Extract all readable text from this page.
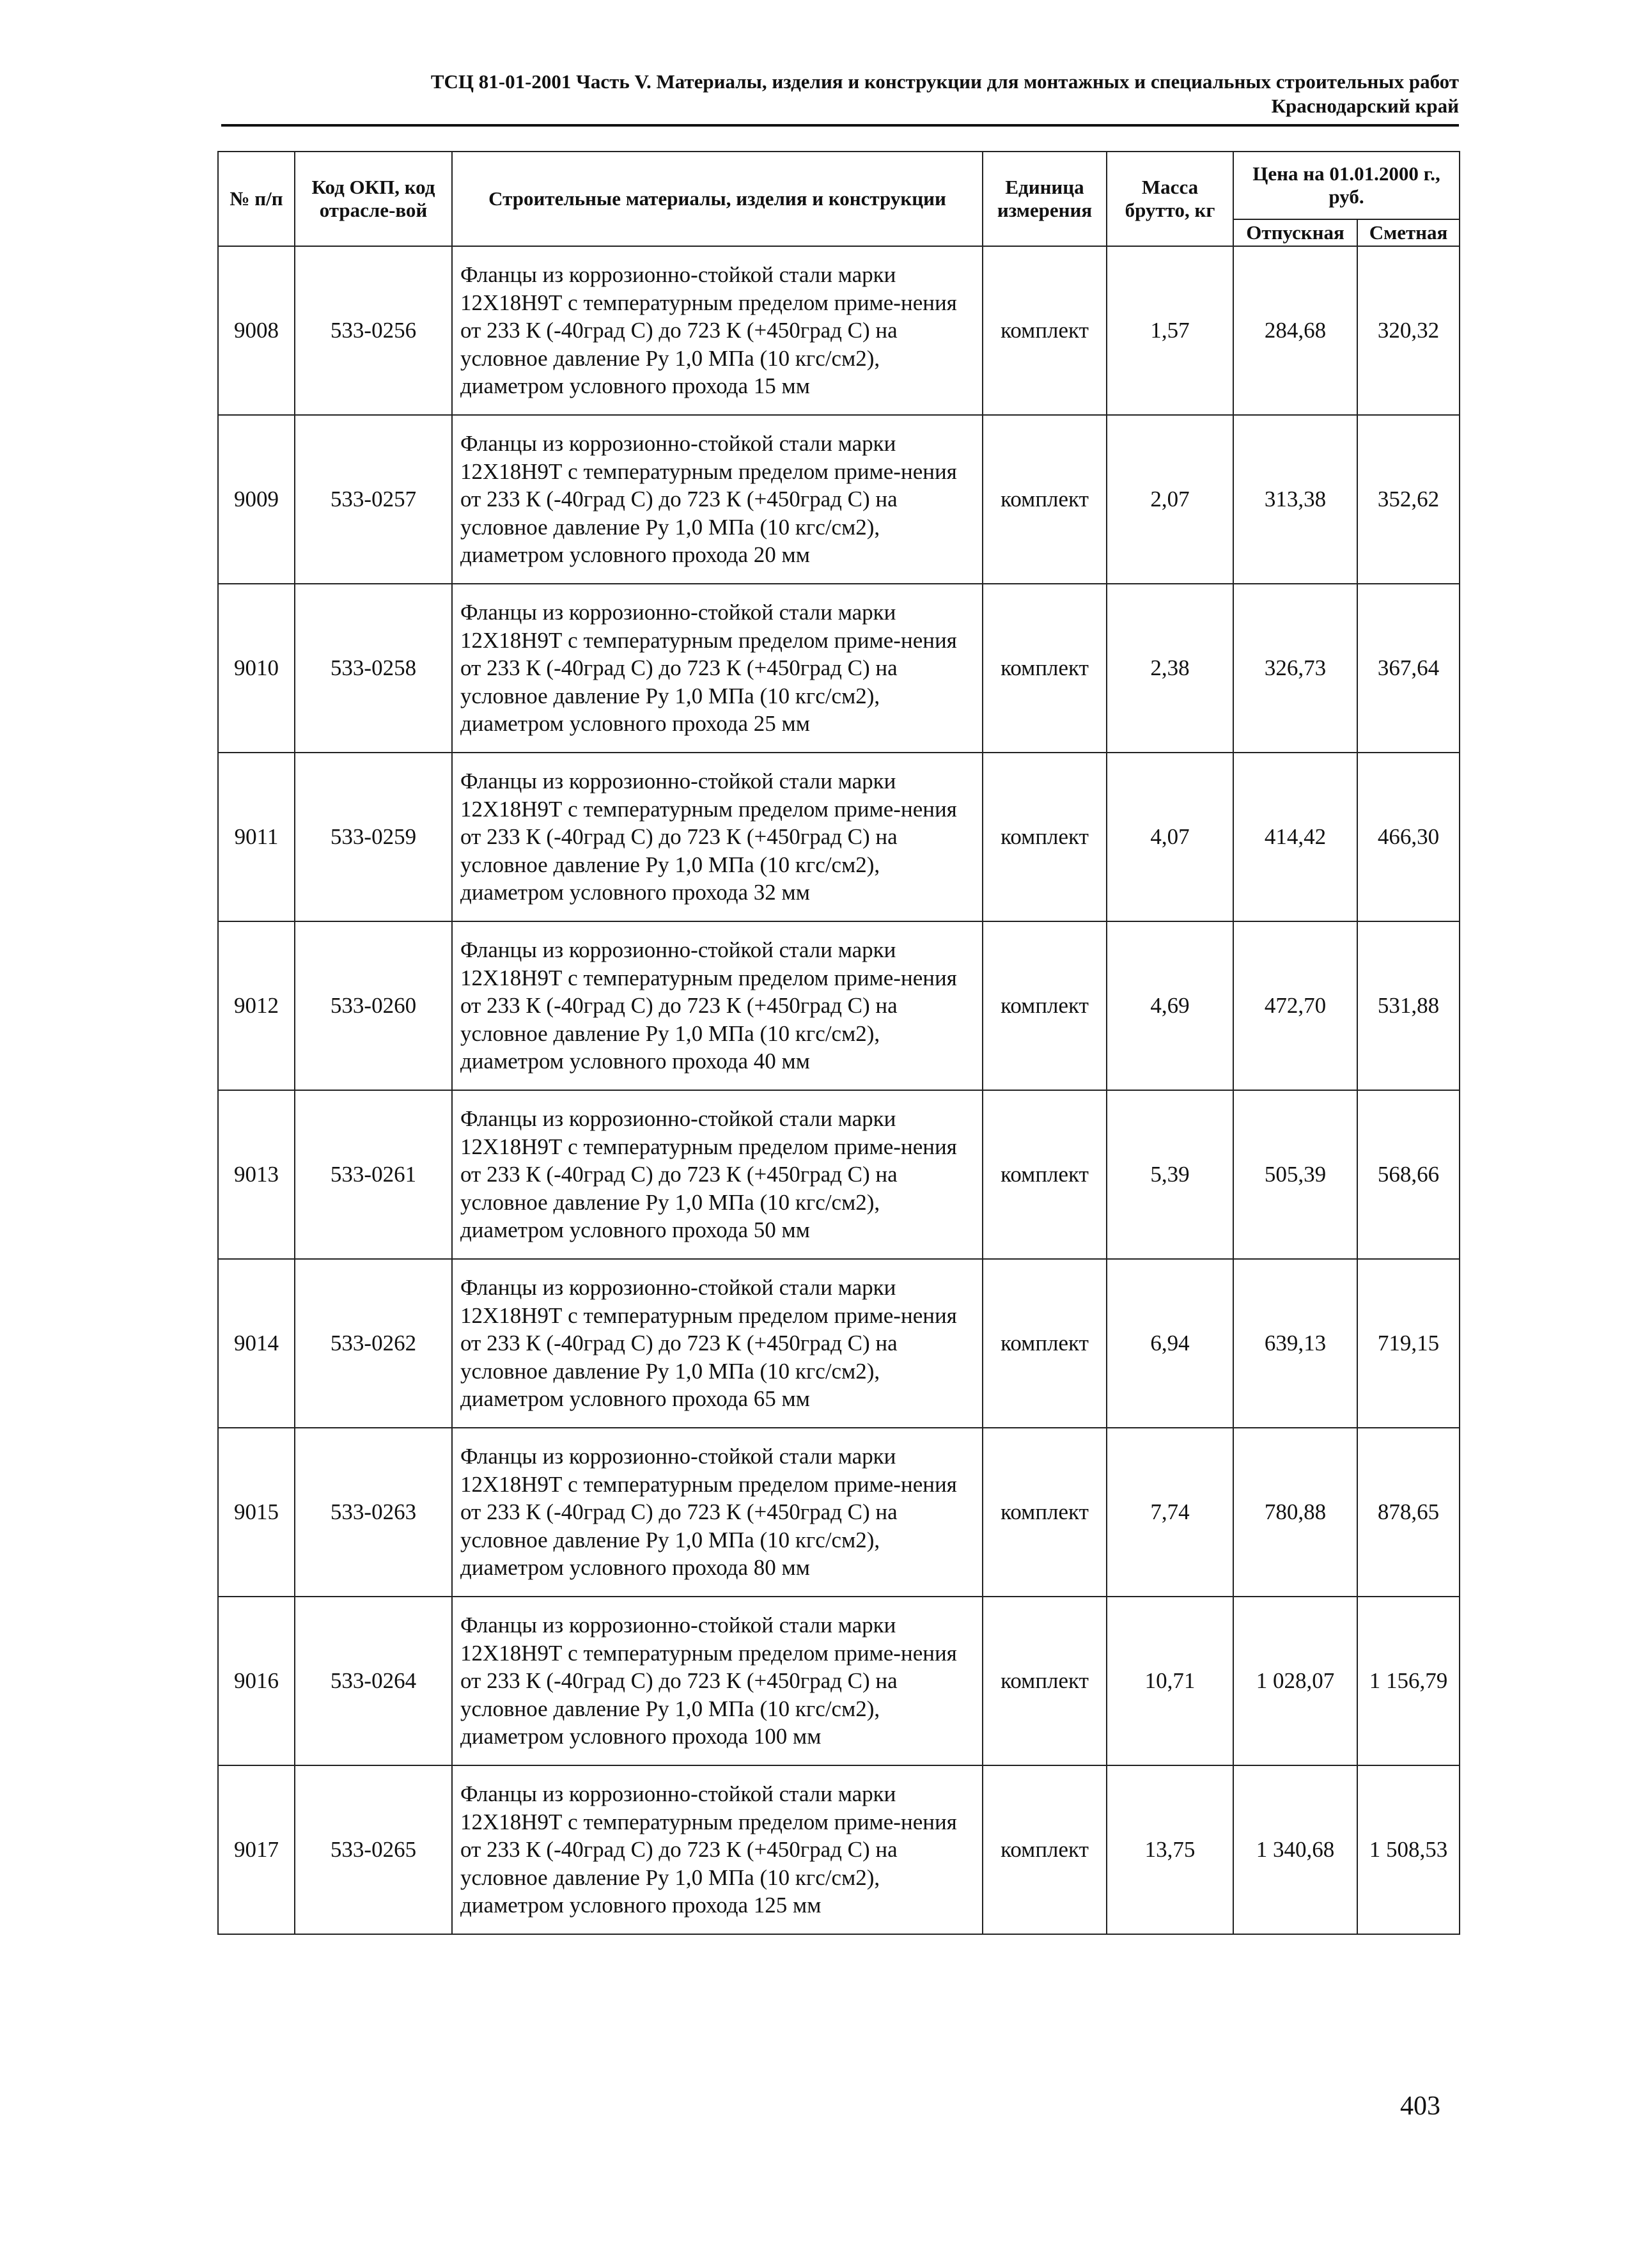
ТСЦ 81-01-2001 Часть V. Материалы, изделия и конструкции для монтажных и специальных строительных работ
Краснодарский край
№ п/п	Код ОКП, код отрасле-вой	Строительные материалы, изделия и конструкции	Единица измерения	Масса брутто, кг	Цена на 01.01.2000 г., руб.	
					Отпускная	Сметная
9008	533-0256	Фланцы из коррозионно-стойкой стали марки 12Х18Н9Т с температурным пределом приме-нения от 233 К (-40град С) до 723 К (+450град С) на условное давление Ру 1,0 МПа (10 кгс/см2), диаметром условного прохода 15 мм	комплект	1,57	284,68	320,32
9009	533-0257	Фланцы из коррозионно-стойкой стали марки 12Х18Н9Т с температурным пределом приме-нения от 233 К (-40град С) до 723 К (+450град С) на условное давление Ру 1,0 МПа (10 кгс/см2), диаметром условного прохода 20 мм	комплект	2,07	313,38	352,62
9010	533-0258	Фланцы из коррозионно-стойкой стали марки 12Х18Н9Т с температурным пределом приме-нения от 233 К (-40град С) до 723 К (+450град С) на условное давление Ру 1,0 МПа (10 кгс/см2), диаметром условного прохода 25 мм	комплект	2,38	326,73	367,64
9011	533-0259	Фланцы из коррозионно-стойкой стали марки 12Х18Н9Т с температурным пределом приме-нения от 233 К (-40град С) до 723 К (+450град С) на условное давление Ру 1,0 МПа (10 кгс/см2), диаметром условного прохода 32 мм	комплект	4,07	414,42	466,30
9012	533-0260	Фланцы из коррозионно-стойкой стали марки 12Х18Н9Т с температурным пределом приме-нения от 233 К (-40град С) до 723 К (+450град С) на условное давление Ру 1,0 МПа (10 кгс/см2), диаметром условного прохода 40 мм	комплект	4,69	472,70	531,88
9013	533-0261	Фланцы из коррозионно-стойкой стали марки 12Х18Н9Т с температурным пределом приме-нения от 233 К (-40град С) до 723 К (+450град С) на условное давление Ру 1,0 МПа (10 кгс/см2), диаметром условного прохода 50 мм	комплект	5,39	505,39	568,66
9014	533-0262	Фланцы из коррозионно-стойкой стали марки 12Х18Н9Т с температурным пределом приме-нения от 233 К (-40град С) до 723 К (+450град С) на условное давление Ру 1,0 МПа (10 кгс/см2), диаметром условного прохода 65 мм	комплект	6,94	639,13	719,15
9015	533-0263	Фланцы из коррозионно-стойкой стали марки 12Х18Н9Т с температурным пределом приме-нения от 233 К (-40град С) до 723 К (+450град С) на условное давление Ру 1,0 МПа (10 кгс/см2), диаметром условного прохода 80 мм	комплект	7,74	780,88	878,65
9016	533-0264	Фланцы из коррозионно-стойкой стали марки 12Х18Н9Т с температурным пределом приме-нения от 233 К (-40град С) до 723 К (+450град С) на условное давление Ру 1,0 МПа (10 кгс/см2), диаметром условного прохода 100 мм	комплект	10,71	1 028,07	1 156,79
9017	533-0265	Фланцы из коррозионно-стойкой стали марки 12Х18Н9Т с температурным пределом приме-нения от 233 К (-40град С) до 723 К (+450град С) на условное давление Ру 1,0 МПа (10 кгс/см2), диаметром условного прохода 125 мм	комплект	13,75	1 340,68	1 508,53
403
